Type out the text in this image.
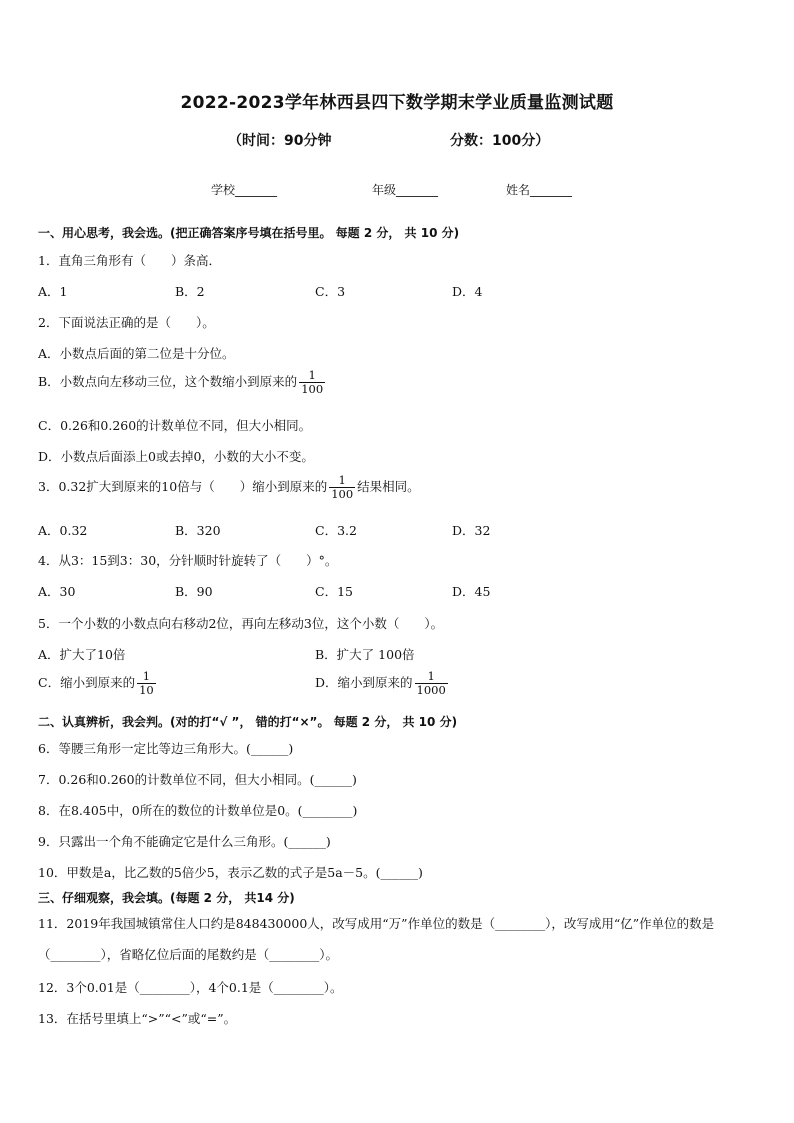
2022-2023学年林西县四下数学期末学业质量监测试题
（时间：90分钟	分数：100分）
学校_______	年级_______	姓名_______
一、用心思考，我会选。(把正确答案序号填在括号里。 每题 2 分， 共 10 分)
1．直角三角形有（　　）条高．
A．1	B．2	C．3	D．4
2．下面说法正确的是（　　）。
A．小数点后面的第二位是十分位。
B．小数点向左移动三位，这个数缩小到原来的 $\frac{1}{100}$
C．0.26和0.260的计数单位不同，但大小相同。
D．小数点后面添上0或去掉0，小数的大小不变。
3．0.32扩大到原来的10倍与（　　）缩小到原来的 $\frac{1}{100}$ 结果相同。
A．0.32	B．320	C．3.2	D．32
4．从3：15到3：30，分针顺时针旋转了（　　）°。
A．30	B．90	C．15	D．45
5．一个小数的小数点向右移动2位，再向左移动3位，这个小数（　　）。
A．扩大了10倍	B．扩大了 100倍
C．缩小到原来的 $\frac{1}{10}$	D．缩小到原来的 $\frac{1}{1000}$
二、认真辨析，我会判。(对的打“√ ”， 错的打“×”。 每题 2 分， 共 10 分)
6．等腰三角形一定比等边三角形大。(______)
7．0.26和0.260的计数单位不同，但大小相同。(______)
8．在8.405中，0所在的数位的计数单位是0。(________)
9．只露出一个角不能确定它是什么三角形。(______)
10．甲数是a，比乙数的5倍少5，表示乙数的式子是5a－5。(______)
三、仔细观察，我会填。(每题 2 分， 共14 分)
11．2019年我国城镇常住人口约是848430000人，改写成用“万”作单位的数是（________），改写成用“亿”作单位的数是（________），省略亿位后面的尾数约是（________）。
12．3个0.01是（________），4个0.1是（________）。
13．在括号里填上“>”“<”或“=”。
